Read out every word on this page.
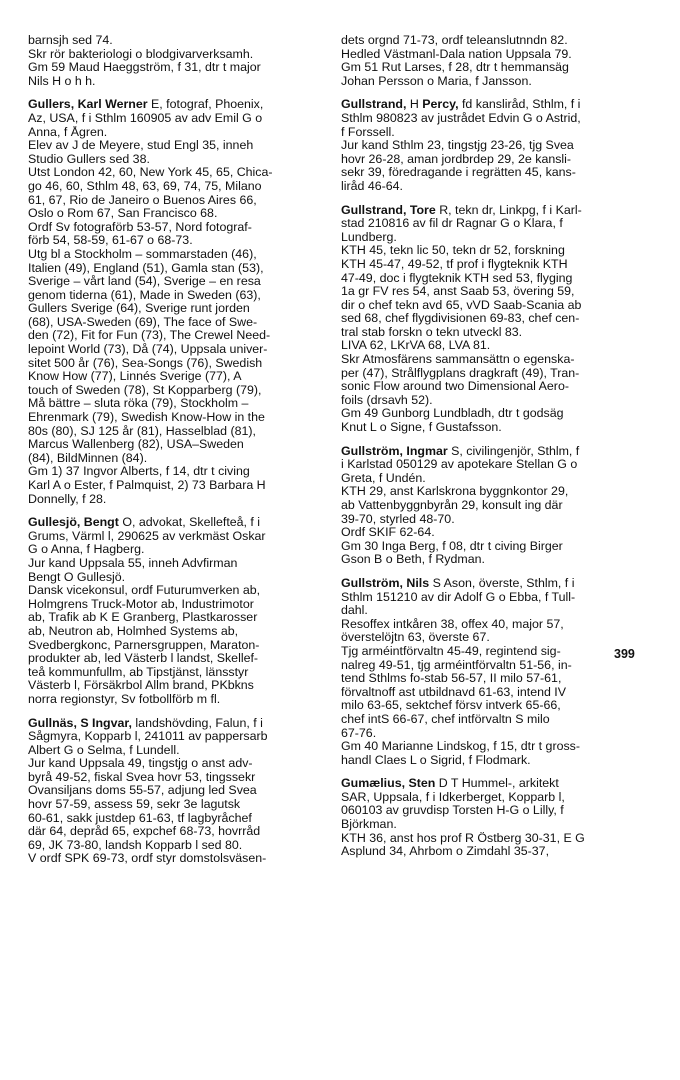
barnsjh sed 74.
Skr rör bakteriologi o blodgivarverksamh.
Gm 59 Maud Haeggström, f 31, dtr t major
Nils H o h h.
Gullers, Karl Werner E, fotograf, Phoenix,
Az, USA, f i Sthlm 160905 av adv Emil G o
Anna, f Ågren.
Elev av J de Meyere, stud Engl 35, inneh
Studio Gullers sed 38.
Utst London 42, 60, New York 45, 65, Chica-
go 46, 60, Sthlm 48, 63, 69, 74, 75, Milano
61, 67, Rio de Janeiro o Buenos Aires 66,
Oslo o Rom 67, San Francisco 68.
Ordf Sv fotograförb 53-57, Nord fotograf-
förb 54, 58-59, 61-67 o 68-73.
Utg bl a Stockholm – sommarstaden (46),
Italien (49), England (51), Gamla stan (53),
Sverige – vårt land (54), Sverige – en resa
genom tiderna (61), Made in Sweden (63),
Gullers Sverige (64), Sverige runt jorden
(68), USA-Sweden (69), The face of Swe-
den (72), Fit for Fun (73), The Crewel Need-
lepoint World (73), Då (74), Uppsala univer-
sitet 500 år (76), Sea-Songs (76), Swedish
Know How (77), Linnés Sverige (77), A
touch of Sweden (78), St Kopparberg (79),
Må bättre – sluta röka (79), Stockholm –
Ehrenmark (79), Swedish Know-How in the
80s (80), SJ 125 år (81), Hasselblad (81),
Marcus Wallenberg (82), USA–Sweden
(84), BildMinnen (84).
Gm 1) 37 Ingvor Alberts, f 14, dtr t civing
Karl A o Ester, f Palmquist, 2) 73 Barbara H
Donnelly, f 28.
Gullesjö, Bengt O, advokat, Skellefteå, f i
Grums, Värml l, 290625 av verkmäst Oskar
G o Anna, f Hagberg.
Jur kand Uppsala 55, inneh Advfirman
Bengt O Gullesjö.
Dansk vicekonsul, ordf Futurumverken ab,
Holmgrens Truck-Motor ab, Industrimotor
ab, Trafik ab K E Granberg, Plastkarosser
ab, Neutron ab, Holmhed Systems ab,
Svedbergkonc, Parnersgruppen, Maraton-
produkter ab, led Västerb l landst, Skellef-
teå kommunfullm, ab Tipstjänst, länsstyr
Västerb l, Försäkrbol Allm brand, PKbkns
norra regionstyr, Sv fotbollförb m fl.
Gullnäs, S Ingvar, landshövding, Falun, f i
Sågmyra, Kopparb l, 241011 av pappersarb
Albert G o Selma, f Lundell.
Jur kand Uppsala 49, tingstjg o anst adv-
byrå 49-52, fiskal Svea hovr 53, tingssekr
Ovansiljans doms 55-57, adjung led Svea
hovr 57-59, assess 59, sekr 3e lagutsk
60-61, sakk justdep 61-63, tf lagbyråchef
där 64, depråd 65, expchef 68-73, hovrråd
69, JK 73-80, landsh Kopparb l sed 80.
V ordf SPK 69-73, ordf styr domstolsväsen-
dets orgnd 71-73, ordf teleanslutnndn 82.
Hedled Västmanl-Dala nation Uppsala 79.
Gm 51 Rut Larses, f 28, dtr t hemmansäg
Johan Persson o Maria, f Jansson.
Gullstrand, H Percy, fd kansliråd, Sthlm, f i
Sthlm 980823 av justrådet Edvin G o Astrid,
f Forssell.
Jur kand Sthlm 23, tingstjg 23-26, tjg Svea
hovr 26-28, aman jordbrdep 29, 2e kansli-
sekr 39, föredragande i regrätten 45, kans-
liråd 46-64.
Gullstrand, Tore R, tekn dr, Linkpg, f i Karl-
stad 210816 av fil dr Ragnar G o Klara, f
Lundberg.
KTH 45, tekn lic 50, tekn dr 52, forskning
KTH 45-47, 49-52, tf prof i flygteknik KTH
47-49, doc i flygteknik KTH sed 53, flyging
1a gr FV res 54, anst Saab 53, övering 59,
dir o chef tekn avd 65, vVD Saab-Scania ab
sed 68, chef flygdivisionen 69-83, chef cen-
tral stab forskn o tekn utveckl 83.
LIVA 62, LKrVA 68, LVA 81.
Skr Atmosfärens sammansättn o egenska-
per (47), Strålflygplans dragkraft (49), Tran-
sonic Flow around two Dimensional Aero-
foils (drsavh 52).
Gm 49 Gunborg Lundbladh, dtr t godsäg
Knut L o Signe, f Gustafsson.
Gullström, Ingmar S, civilingenjör, Sthlm, f
i Karlstad 050129 av apotekare Stellan G o
Greta, f Undén.
KTH 29, anst Karlskrona byggnkontor 29,
ab Vattenbyggnbyrån 29, konsult ing där
39-70, styrled 48-70.
Ordf SKIF 62-64.
Gm 30 Inga Berg, f 08, dtr t civing Birger
Gson B o Beth, f Rydman.
Gullström, Nils S Ason, överste, Sthlm, f i
Sthlm 151210 av dir Adolf G o Ebba, f Tull-
dahl.
Resoffex intkåren 38, offex 40, major 57,
överstelöjtn 63, överste 67.
Tjg arméintförvaltn 45-49, regintend sig-
nalreg 49-51, tjg arméintförvaltn 51-56, in-
tend Sthlms fo-stab 56-57, II milo 57-61,
förvaltnoff ast utbildnavd 61-63, intend IV
milo 63-65, sektchef försv intverk 65-66,
chef intS 66-67, chef intförvaltn S milo
67-76.
Gm 40 Marianne Lindskog, f 15, dtr t gross-
handl Claes L o Sigrid, f Flodmark.
Gumælius, Sten D T Hummel-, arkitekt
SAR, Uppsala, f i Idkerberget, Kopparb l,
060103 av gruvdisp Torsten H-G o Lilly, f
Björkman.
KTH 36, anst hos prof R Östberg 30-31, E G
Asplund 34, Ahrbom o Zimdahl 35-37,
399
